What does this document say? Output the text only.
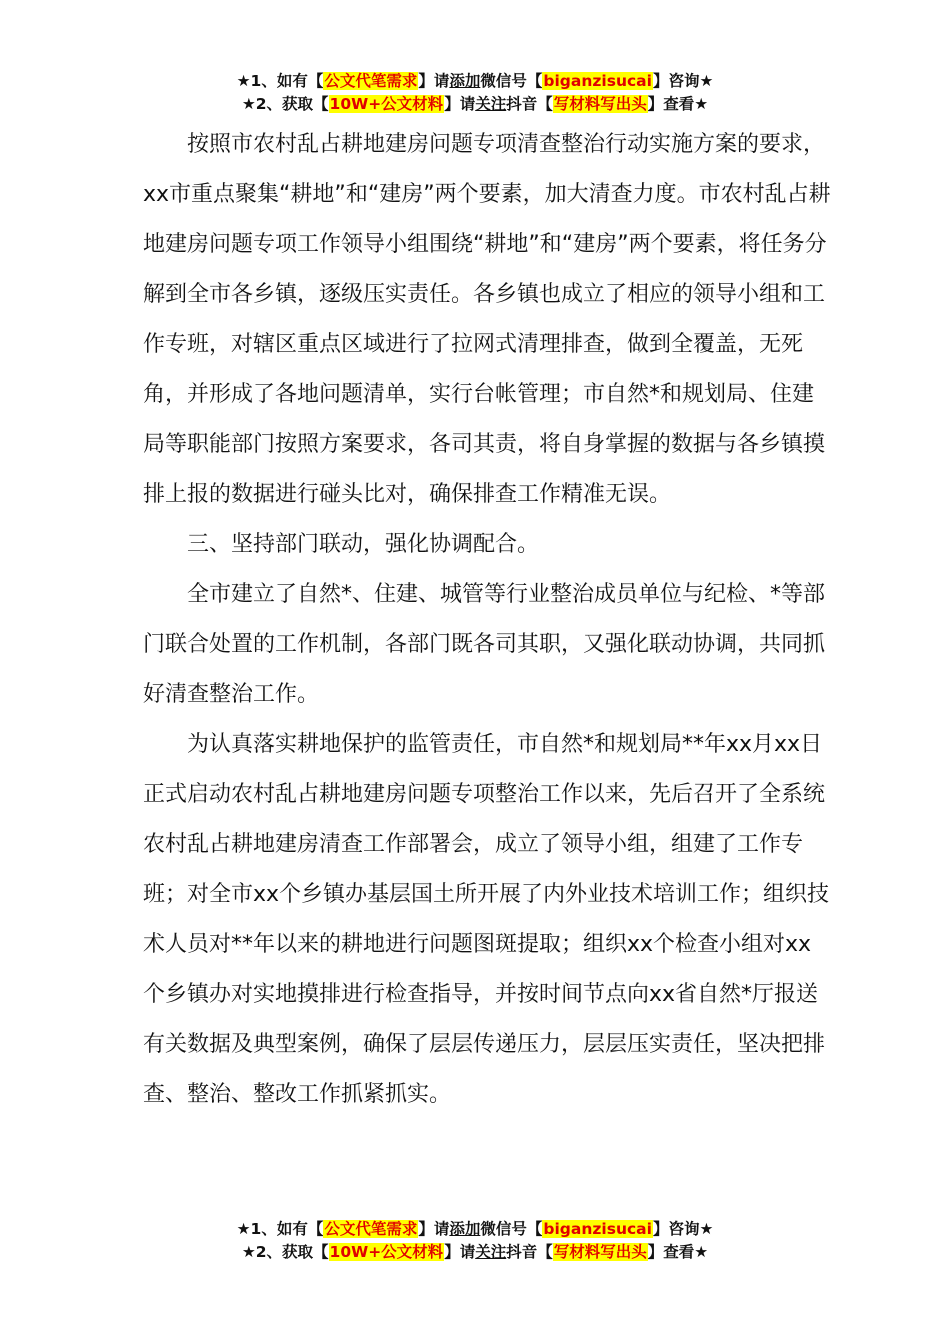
★1、如有【公文代笔需求】请添加微信号【biganzisucai】咨询★
★2、获取【10W+公文材料】请关注抖音【写材料写出头】查看★

按照市农村乱占耕地建房问题专项清查整治行动实施方案的要求，xx市重点聚集“耕地”和“建房”两个要素，加大清查力度。市农村乱占耕地建房问题专项工作领导小组围绕“耕地”和“建房”两个要素，将任务分解到全市各乡镇，逐级压实责任。各乡镇也成立了相应的领导小组和工作专班，对辖区重点区域进行了拉网式清理排查，做到全覆盖，无死角，并形成了各地问题清单，实行台帐管理；市自然*和规划局、住建局等职能部门按照方案要求，各司其责，将自身掌握的数据与各乡镇摸排上报的数据进行碰头比对，确保排查工作精准无误。

三、坚持部门联动，强化协调配合。

全市建立了自然*、住建、城管等行业整治成员单位与纪检、*等部门联合处置的工作机制，各部门既各司其职，又强化联动协调，共同抓好清查整治工作。

为认真落实耕地保护的监管责任，市自然*和规划局**年xx月xx日正式启动农村乱占耕地建房问题专项整治工作以来，先后召开了全系统农村乱占耕地建房清查工作部署会，成立了领导小组，组建了工作专班；对全市xx个乡镇办基层国土所开展了内外业技术培训工作；组织技术人员对**年以来的耕地进行问题图斑提取；组织xx个检查小组对xx个乡镇办对实地摸排进行检查指导，并按时间节点向xx省自然*厅报送有关数据及典型案例，确保了层层传递压力，层层压实责任，坚决把排查、整治、整改工作抓紧抓实。

★1、如有【公文代笔需求】请添加微信号【biganzisucai】咨询★
★2、获取【10W+公文材料】请关注抖音【写材料写出头】查看★
